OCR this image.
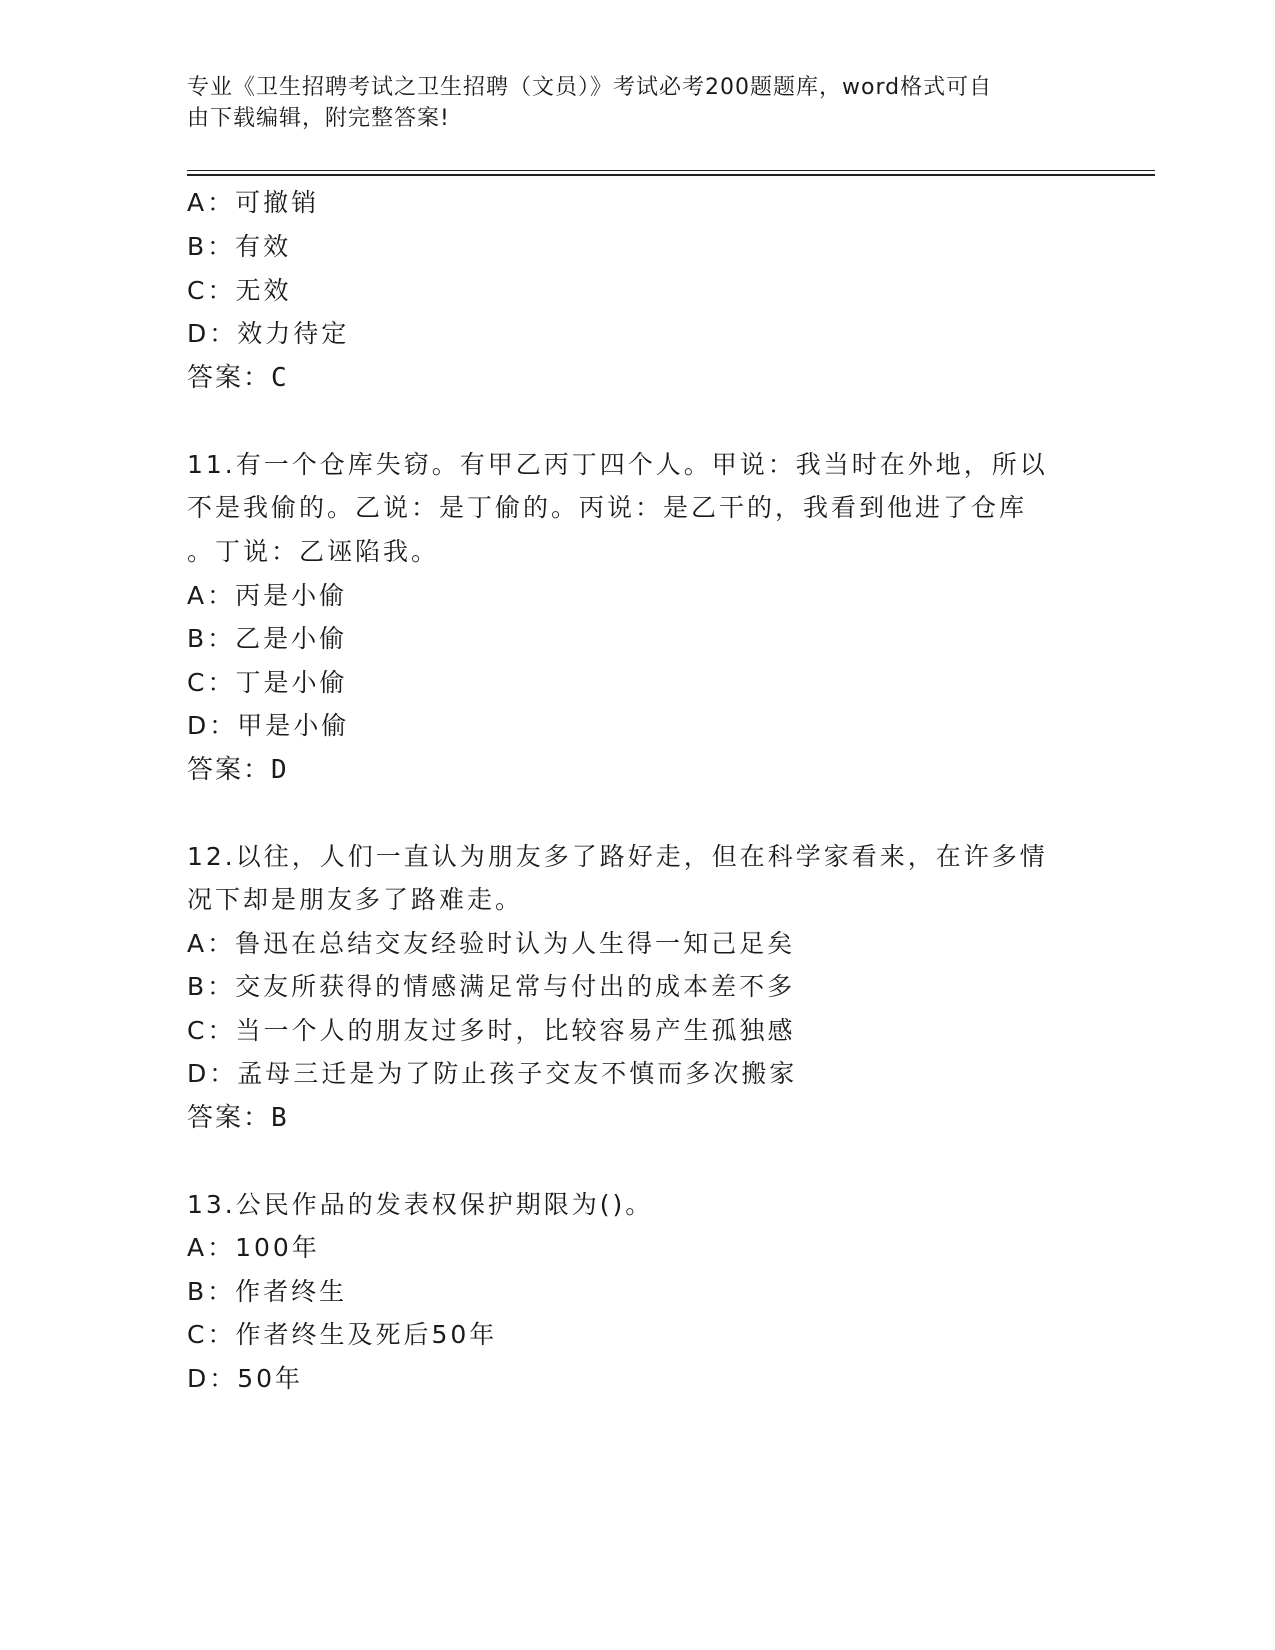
专业《卫生招聘考试之卫生招聘（文员）》考试必考200题题库，word格式可自
由下载编辑，附完整答案!
A：可撤销
B：有效
C：无效
D：效力待定
答案：C
11.有一个仓库失窃。有甲乙丙丁四个人。甲说：我当时在外地，所以
不是我偷的。乙说：是丁偷的。丙说：是乙干的，我看到他进了仓库
。丁说：乙诬陷我。
A：丙是小偷
B：乙是小偷
C：丁是小偷
D：甲是小偷
答案：D
12.以往，人们一直认为朋友多了路好走，但在科学家看来，在许多情
况下却是朋友多了路难走。
A：鲁迅在总结交友经验时认为人生得一知己足矣
B：交友所获得的情感满足常与付出的成本差不多
C：当一个人的朋友过多时，比较容易产生孤独感
D：孟母三迁是为了防止孩子交友不慎而多次搬家
答案：B
13.公民作品的发表权保护期限为()。
A：100年
B：作者终生
C：作者终生及死后50年
D：50年
